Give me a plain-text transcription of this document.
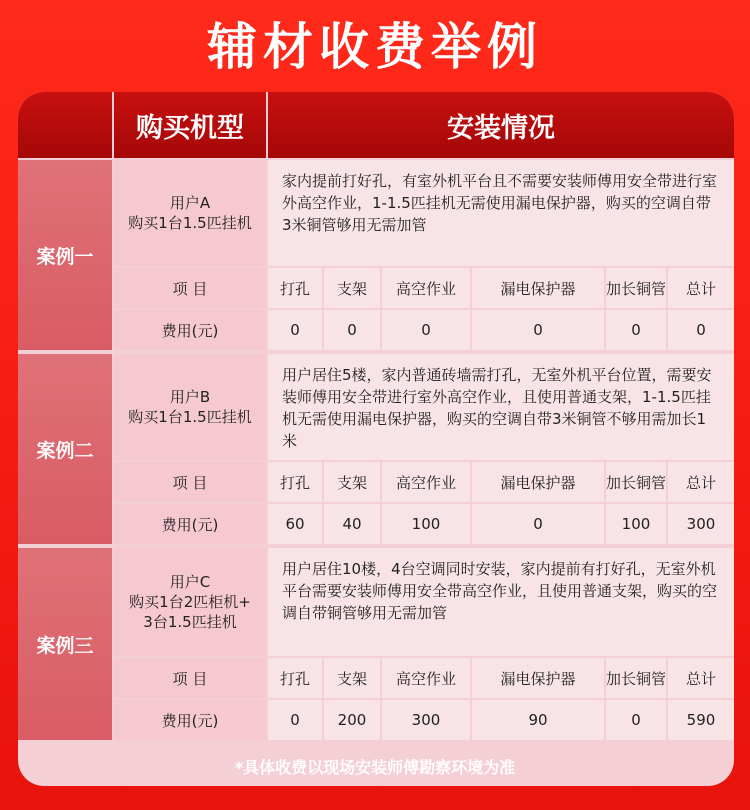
辅材收费举例
购买机型	安装情况
案例一
用户A
购买1台1.5匹挂机
家内提前打好孔，有室外机平台且不需要安装师傅用安全带进行室外高空作业，1-1.5匹挂机无需使用漏电保护器，购买的空调自带3米铜管够用无需加管
项 目	打孔	支架	高空作业	漏电保护器	加长铜管	总计
费用(元)	0	0	0	0	0	0
案例二
用户B
购买1台1.5匹挂机
用户居住5楼，家内普通砖墙需打孔，无室外机平台位置，需要安装师傅用安全带进行室外高空作业，且使用普通支架，1-1.5匹挂机无需使用漏电保护器，购买的空调自带3米铜管不够用需加长1米
项 目	打孔	支架	高空作业	漏电保护器	加长铜管	总计
费用(元)	60	40	100	0	100	300
案例三
用户C
购买1台2匹柜机+
3台1.5匹挂机
用户居住10楼，4台空调同时安装，家内提前有打好孔，无室外机平台需要安装师傅用安全带高空作业，且使用普通支架，购买的空调自带铜管够用无需加管
项 目	打孔	支架	高空作业	漏电保护器	加长铜管	总计
费用(元)	0	200	300	90	0	590
*具体收费以现场安装师傅勘察环境为准
